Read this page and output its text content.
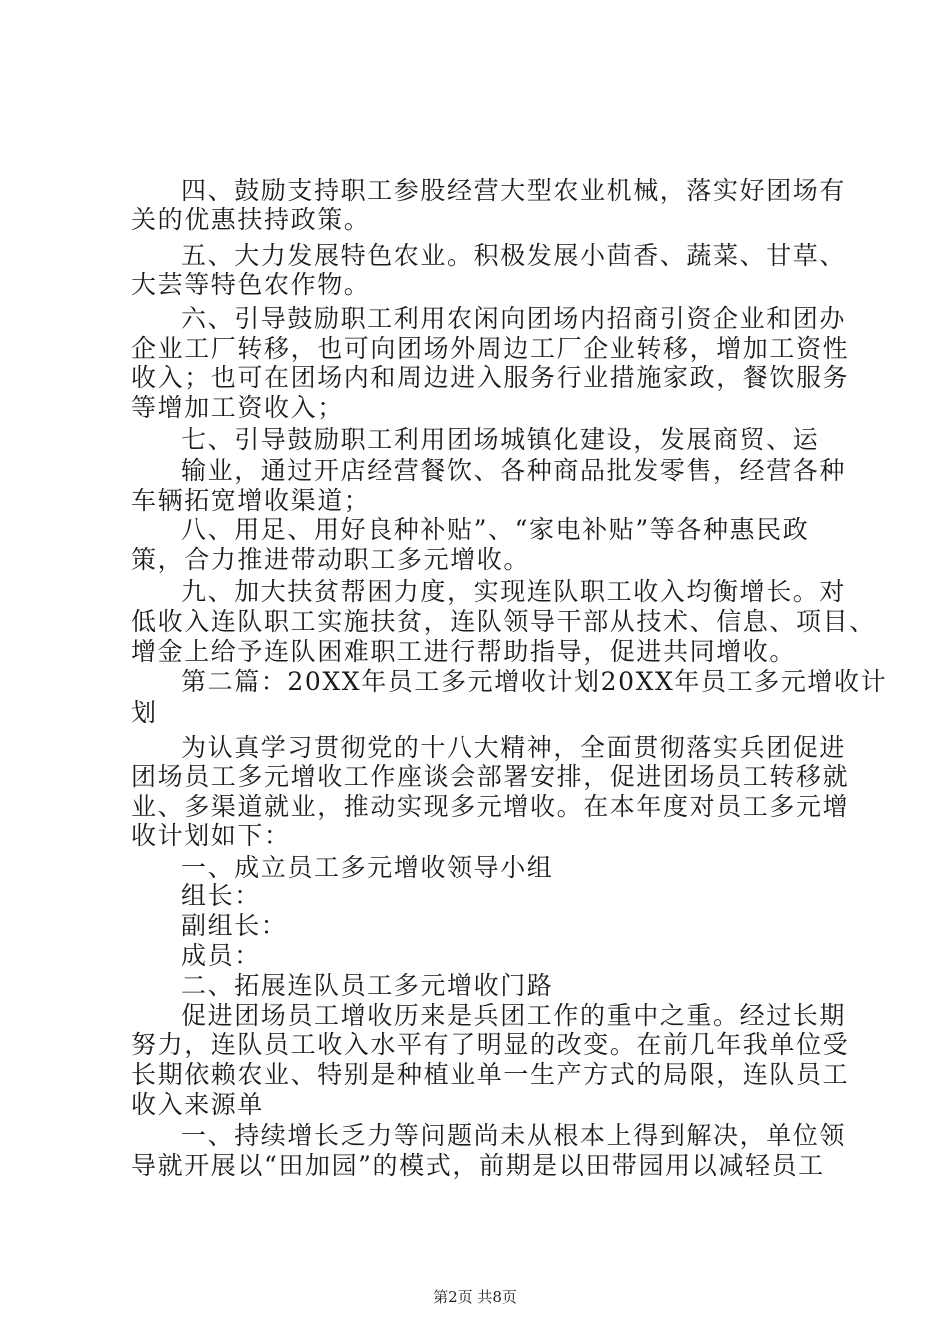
四、鼓励支持职工参股经营大型农业机械，落实好团场有
关的优惠扶持政策。
五、大力发展特色农业。积极发展小茴香、蔬菜、甘草、
大芸等特色农作物。
六、引导鼓励职工利用农闲向团场内招商引资企业和团办
企业工厂转移，也可向团场外周边工厂企业转移，增加工资性
收入；也可在团场内和周边进入服务行业措施家政，餐饮服务
等增加工资收入；
七、引导鼓励职工利用团场城镇化建设，发展商贸、运
输业，通过开店经营餐饮、各种商品批发零售，经营各种
车辆拓宽增收渠道；
八、用足、用好良种补贴”、“家电补贴”等各种惠民政
策，合力推进带动职工多元增收。
九、加大扶贫帮困力度，实现连队职工收入均衡增长。对
低收入连队职工实施扶贫，连队领导干部从技术、信息、项目、
增金上给予连队困难职工进行帮助指导，促进共同增收。
第二篇：20XX年员工多元增收计划20XX年员工多元增收计
划
为认真学习贯彻党的十八大精神，全面贯彻落实兵团促进
团场员工多元增收工作座谈会部署安排，促进团场员工转移就
业、多渠道就业，推动实现多元增收。在本年度对员工多元增
收计划如下：
一、成立员工多元增收领导小组
组长：
副组长：
成员：
二、拓展连队员工多元增收门路
促进团场员工增收历来是兵团工作的重中之重。经过长期
努力，连队员工收入水平有了明显的改变。在前几年我单位受
长期依赖农业、特别是种植业单一生产方式的局限，连队员工
收入来源单
一、持续增长乏力等问题尚未从根本上得到解决，单位领
导就开展以“田加园”的模式，前期是以田带园用以减轻员工
第2页 共8页
